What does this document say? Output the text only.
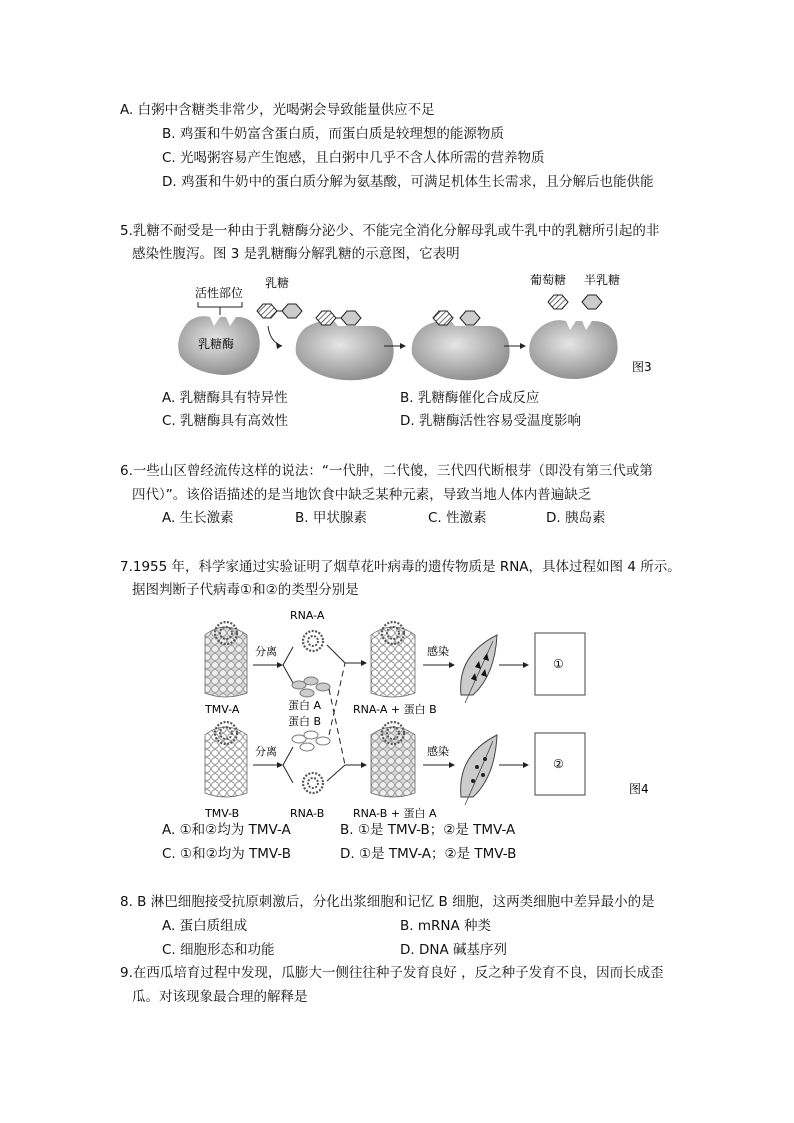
A. 白粥中含糖类非常少，光喝粥会导致能量供应不足
B. 鸡蛋和牛奶富含蛋白质，而蛋白质是较理想的能源物质
C. 光喝粥容易产生饱感，且白粥中几乎不含人体所需的营养物质
D. 鸡蛋和牛奶中的蛋白质分解为氨基酸，可满足机体生长需求，且分解后也能供能
5.乳糖不耐受是一种由于乳糖酶分泌少、不能完全消化分解母乳或牛乳中的乳糖所引起的非
感染性腹泻。图 3 是乳糖酶分解乳糖的示意图，它表明
活性部位
乳糖酶
乳糖	葡萄糖 半乳糖
图3
A. 乳糖酶具有特异性	B. 乳糖酶催化合成反应
C. 乳糖酶具有高效性	D. 乳糖酶活性容易受温度影响
6.一些山区曾经流传这样的说法：“一代肿，二代傻，三代四代断根芽（即没有第三代或第
四代）”。该俗语描述的是当地饮食中缺乏某种元素，导致当地人体内普遍缺乏
A. 生长激素	B. 甲状腺素	C. 性激素	D. 胰岛素
7.1955 年，科学家通过实验证明了烟草花叶病毒的遗传物质是 RNA，具体过程如图 4 所示。
据图判断子代病毒①和②的类型分别是
TMV-A
分离
RNA-A
蛋白 A
蛋白 B
RNA-A + 蛋白 B
感染
①
TMV-B
分离
RNA-B	RNA-B + 蛋白 A
感染
②
图4
A. ①和②均为 TMV-A	B. ①是 TMV-B；②是 TMV-A
C. ①和②均为 TMV-B	D. ①是 TMV-A；②是 TMV-B
8. B 淋巴细胞接受抗原刺激后，分化出浆细胞和记忆 B 细胞，这两类细胞中差异最小的是
A. 蛋白质组成	B. mRNA 种类
C. 细胞形态和功能	D. DNA 碱基序列
9.在西瓜培育过程中发现，瓜膨大一侧往往种子发育良好 ，反之种子发育不良，因而长成歪
瓜。对该现象最合理的解释是
